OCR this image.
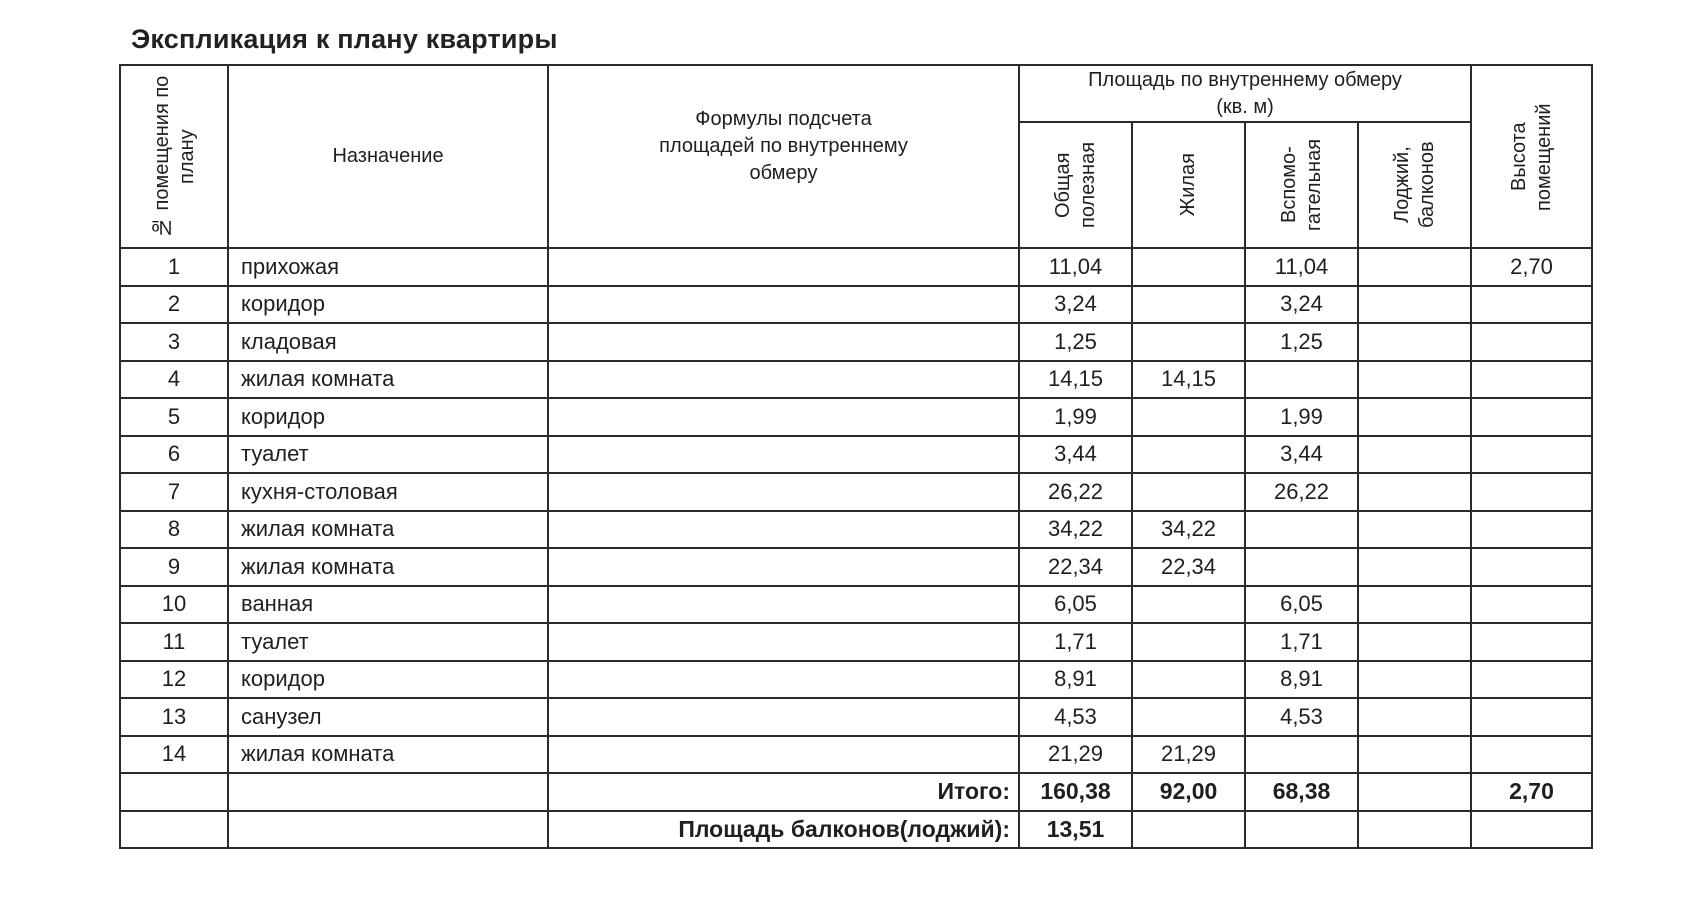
Экспликация к плану квартиры
№ помещения по плану	Назначение	Формулы подсчета площадей по внутреннему обмеру	Площадь по внутреннему обмеру (кв. м)				Высота помещений

			Общая полезная	Жилая	Вспомо-гательная	Лоджий, балконов	

1	прихожая		11,04		11,04		2,70
2	коридор		3,24		3,24		
3	кладовая		1,25		1,25		
4	жилая комната		14,15	14,15			
5	коридор		1,99		1,99		
6	туалет		3,44		3,44		
7	кухня-столовая		26,22		26,22		
8	жилая комната		34,22	34,22			
9	жилая комната		22,34	22,34			
10	ванная		6,05		6,05		
11	туалет		1,71		1,71		
12	коридор		8,91		8,91		
13	санузел		4,53		4,53		
14	жилая комната		21,29	21,29			
		Итого:	160,38	92,00	68,38		2,70
		Площадь балконов(лоджий):	13,51				
